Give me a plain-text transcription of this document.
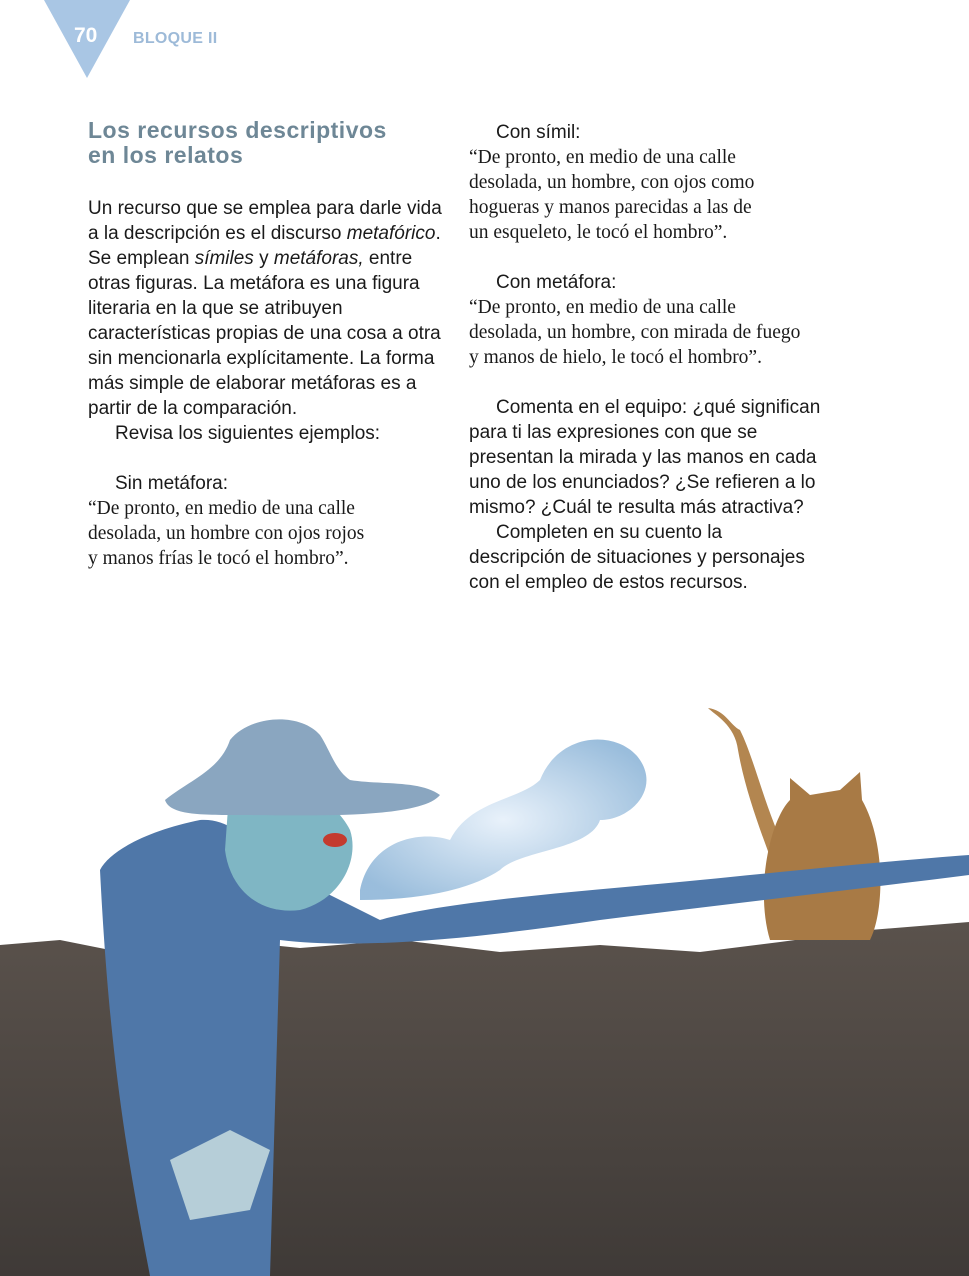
70 BLOQUE II
Los recursos descriptivos
en los relatos
Un recurso que se emplea para darle vida
a la descripción es el discurso metafórico.
Se emplean símiles y metáforas, entre
otras figuras. La metáfora es una figura
literaria en la que se atribuyen
características propias de una cosa a otra
sin mencionarla explícitamente. La forma
más simple de elaborar metáforas es a
partir de la comparación.
Revisa los siguientes ejemplos:
Sin metáfora:
“De pronto, en medio de una calle
desolada, un hombre con ojos rojos
y manos frías le tocó el hombro”.
Con símil:
“De pronto, en medio de una calle
desolada, un hombre, con ojos como
hogueras y manos parecidas a las de
un esqueleto, le tocó el hombro”.
Con metáfora:
“De pronto, en medio de una calle
desolada, un hombre, con mirada de fuego
y manos de hielo, le tocó el hombro”.
Comenta en el equipo: ¿qué significan
para ti las expresiones con que se
presentan la mirada y las manos en cada
uno de los enunciados? ¿Se refieren a lo
mismo? ¿Cuál te resulta más atractiva?
Completen en su cuento la
descripción de situaciones y personajes
con el empleo de estos recursos.
